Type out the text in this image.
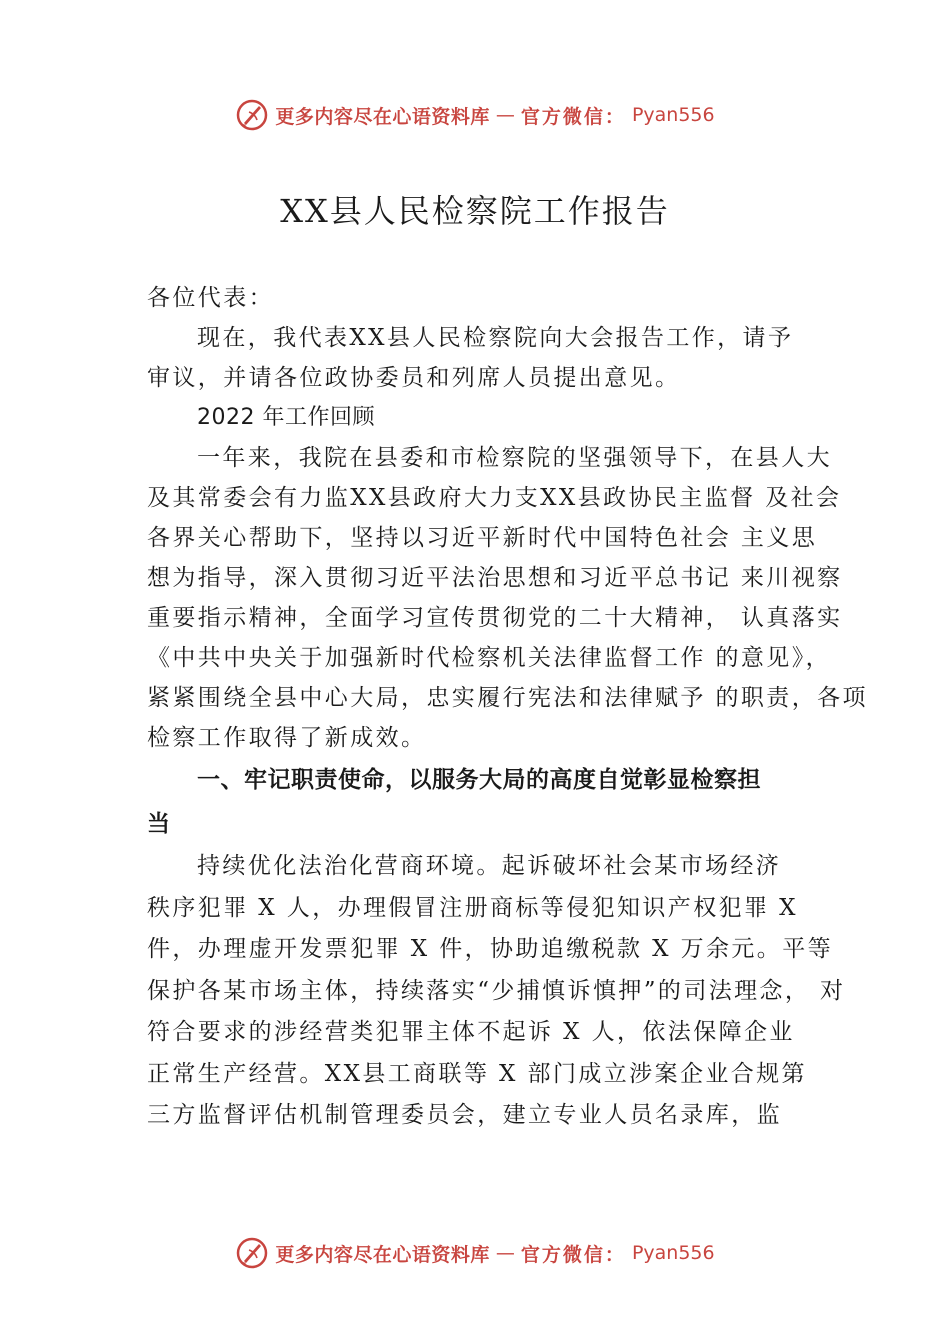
更多内容尽在心语资料库 — 官方微信： Pyan556
XX县人民检察院工作报告
各位代表：
现在，我代表XX县人民检察院向大会报告工作，请予
审议，并请各位政协委员和列席人员提出意见。
2022 年工作回顾
一年来，我院在县委和市检察院的坚强领导下，在县人大
及其常委会有力监XX县政府大力支XX县政协民主监督 及社会
各界关心帮助下，坚持以习近平新时代中国特色社会 主义思
想为指导，深入贯彻习近平法治思想和习近平总书记 来川视察
重要指示精神，全面学习宣传贯彻党的二十大精神， 认真落实
《中共中央关于加强新时代检察机关法律监督工作 的意见》，
紧紧围绕全县中心大局，忠实履行宪法和法律赋予 的职责，各项
检察工作取得了新成效。
一、牢记职责使命，以服务大局的高度自觉彰显检察担
当
持续优化法治化营商环境。起诉破坏社会某市场经济
秩序犯罪 X 人，办理假冒注册商标等侵犯知识产权犯罪 X
件，办理虚开发票犯罪 X 件，协助追缴税款 X 万余元。平等
保护各某市场主体，持续落实“少捕慎诉慎押”的司法理念， 对
符合要求的涉经营类犯罪主体不起诉 X 人，依法保障企业
正常生产经营。XX县工商联等 X 部门成立涉案企业合规第
三方监督评估机制管理委员会，建立专业人员名录库，监
更多内容尽在心语资料库 — 官方微信： Pyan556
